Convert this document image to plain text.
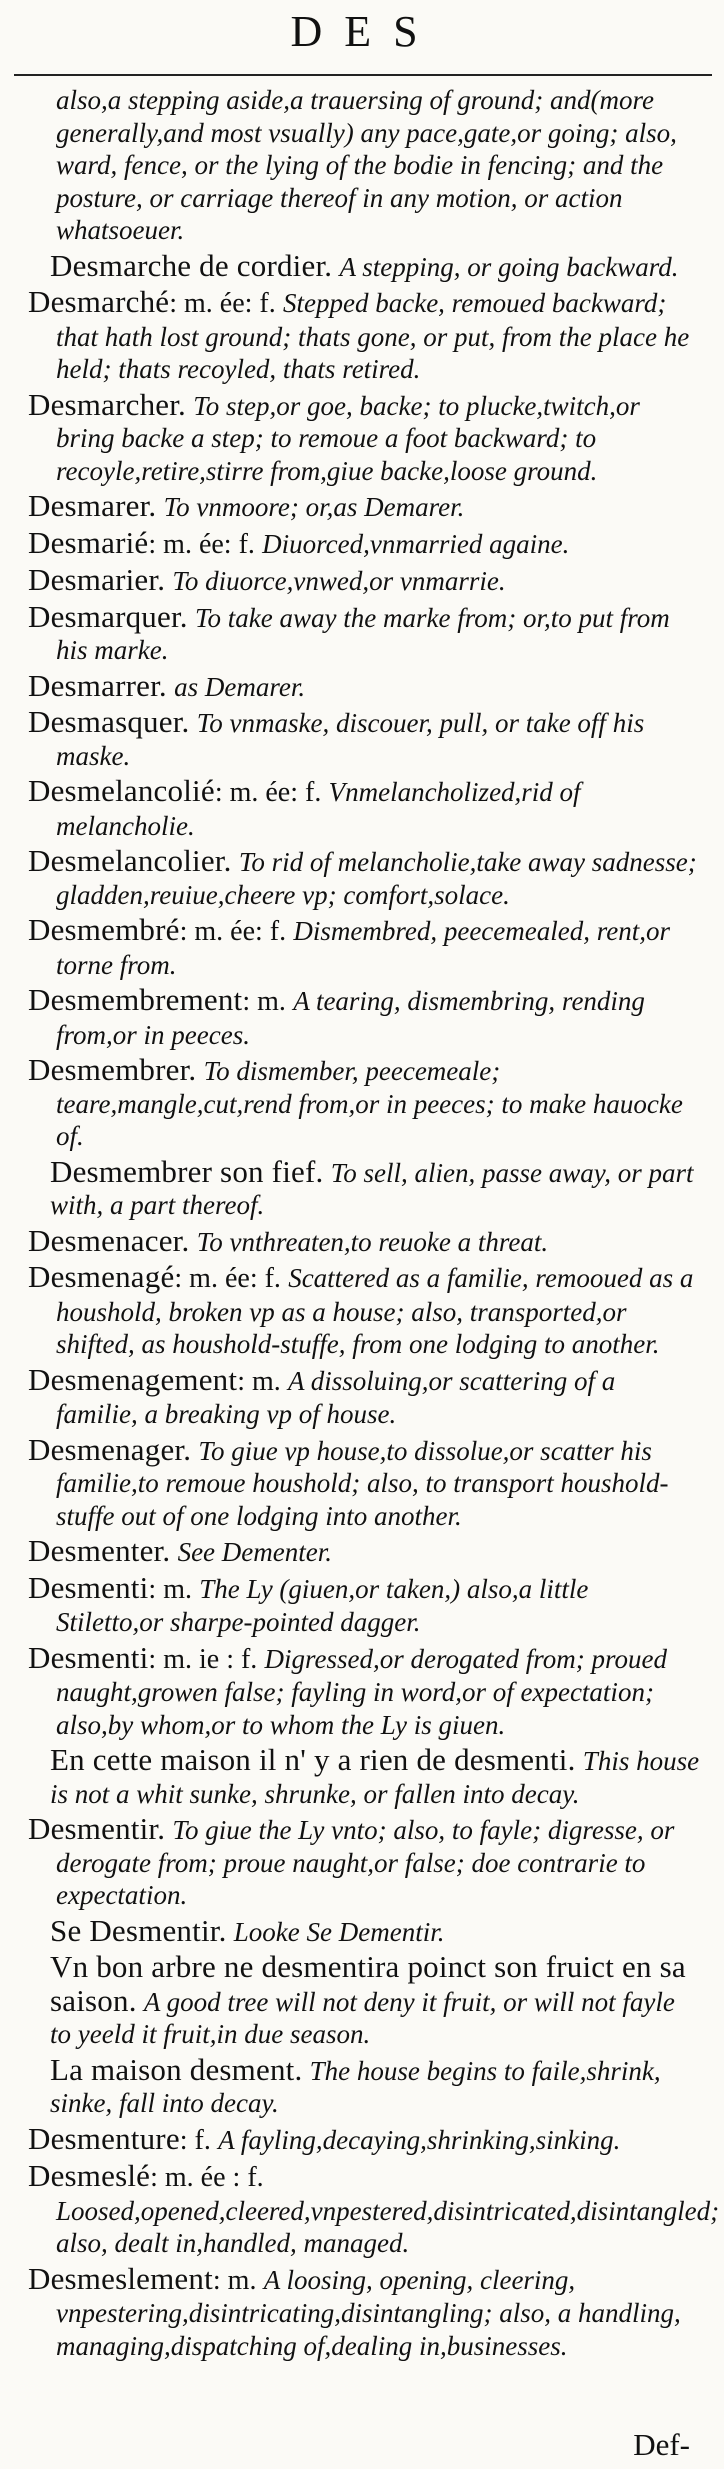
DES

also,a stepping aside,a trauersing of ground; and(more generally,and most vsually) any pace,gate,or going; also, ward, fence, or the lying of the bodie in fencing; and the posture, or carriage thereof in any motion, or action whatsoeuer.

Desmarche de cordier. A stepping, or going backward.

Desmarché: m. ée: f. Stepped backe, remoued backward; that hath lost ground; thats gone, or put, from the place he held; thats recoyled, thats retired.

Desmarcher. To step,or goe, backe; to plucke,twitch,or bring backe a step; to remoue a foot backward; to recoyle,retire,stirre from,giue backe,loose ground.

Desmarer. To vnmoore; or,as Demarer.

Desmarié: m. ée: f. Diuorced,vnmarried againe.

Desmarier. To diuorce,vnwed,or vnmarrie.

Desmarquer. To take away the marke from; or,to put from his marke.

Desmarrer. as Demarer.

Desmasquer. To vnmaske, discouer, pull, or take off his maske.

Desmelancolié: m. ée: f. Vnmelancholized,rid of melancholie.

Desmelancolier. To rid of melancholie,take away sadnesse; gladden,reuiue,cheere vp; comfort,solace.

Desmembré: m. ée: f. Dismembred, peecemealed, rent,or torne from.

Desmembrement: m. A tearing, dismembring, rending from,or in peeces.

Desmembrer. To dismember, peecemeale; teare,mangle,cut,rend from,or in peeces; to make hauocke of.

Desmembrer son fief. To sell, alien, passe away, or part with, a part thereof.

Desmenacer. To vnthreaten,to reuoke a threat.

Desmenagé: m. ée: f. Scattered as a familie, remooued as a houshold, broken vp as a house; also, transported,or shifted, as houshold-stuffe, from one lodging to another.

Desmenagement: m. A dissoluing,or scattering of a familie, a breaking vp of house.

Desmenager. To giue vp house,to dissolue,or scatter his familie,to remoue houshold; also, to transport houshold-stuffe out of one lodging into another.

Desmenter. See Dementer.

Desmenti: m. The Ly (giuen,or taken,) also,a little Stiletto,or sharpe-pointed dagger.

Desmenti: m. ie : f. Digressed,or derogated from; proued naught,growen false; fayling in word,or of expectation; also,by whom,or to whom the Ly is giuen.

En cette maison il n' y a rien de desmenti. This house is not a whit sunke, shrunke, or fallen into decay.

Desmentir. To giue the Ly vnto; also, to fayle; digresse, or derogate from; proue naught,or false; doe contrarie to expectation.

Se Desmentir. Looke Se Dementir.

Vn bon arbre ne desmentira poinct son fruict en sa saison. A good tree will not deny it fruit, or will not fayle to yeeld it fruit,in due season.

La maison desment. The house begins to faile,shrink, sinke, fall into decay.

Desmenture: f. A fayling,decaying,shrinking,sinking.

Desmeslé: m. ée : f. Loosed,opened,cleered,vnpestered,disintricated,disintangled; also, dealt in,handled, managed.

Desmeslement: m. A loosing, opening, cleering, vnpestering,disintricating,disintangling; also, a handling, managing,dispatching of,dealing in,businesses.

Def-
